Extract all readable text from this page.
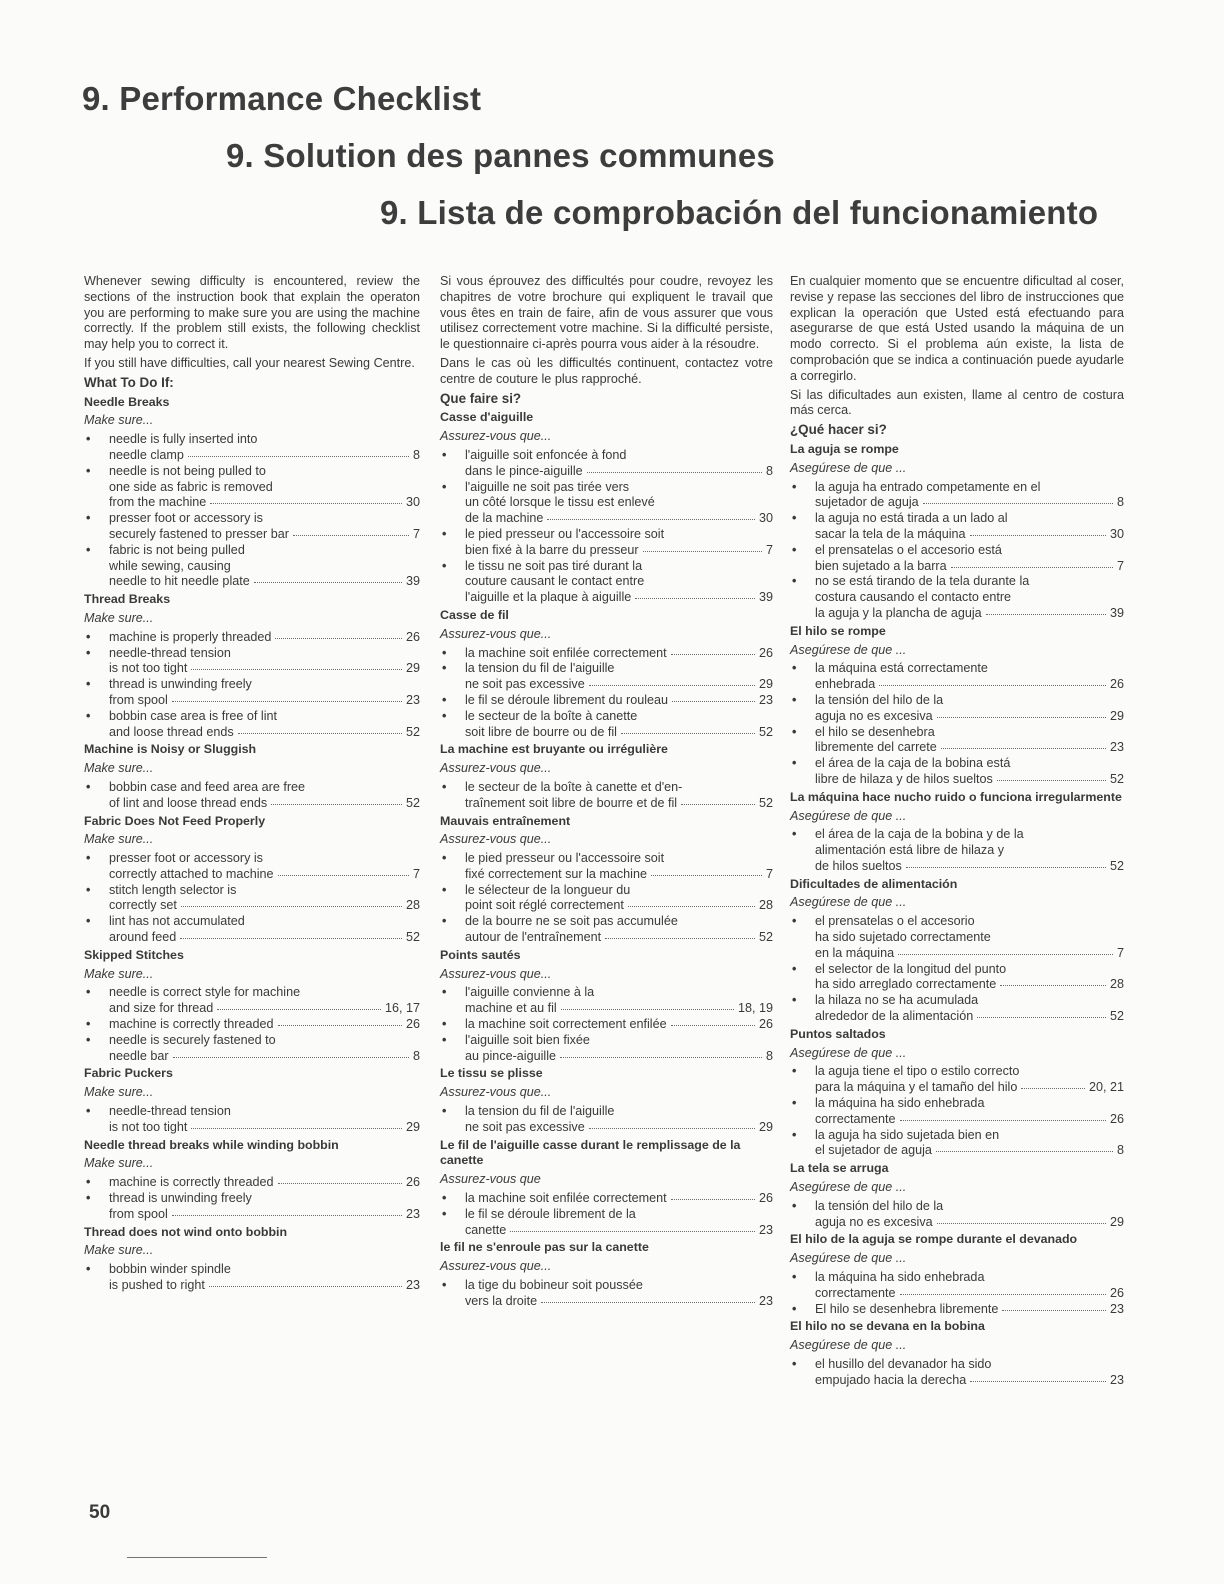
9. Performance Checklist
9. Solution des pannes communes
9. Lista de comprobación del funcionamiento

Whenever sewing difficulty is encountered, review the sections of the instruction book that explain the operaton you are performing to make sure you are using the machine correctly. If the problem still exists, the following checklist may help you to correct it.

If you still have difficulties, call your nearest Sewing Centre.

What To Do If:
Needle Breaks
Make sure...
• needle is fully inserted into
needle clamp	8
• needle is not being pulled to
one side as fabric is removed
from the machine	30
• presser foot or accessory is
securely fastened to presser bar	7
• fabric is not being pulled
while sewing, causing
needle to hit needle plate	39
Thread Breaks
Make sure...
• machine is properly threaded	26
• needle-thread tension
is not too tight	29
• thread is unwinding freely
from spool	23
• bobbin case area is free of lint
and loose thread ends	52
Machine is Noisy or Sluggish
Make sure...
• bobbin case and feed area are free
of lint and loose thread ends	52
Fabric Does Not Feed Properly
Make sure...
• presser foot or accessory is
correctly attached to machine	7
• stitch length selector is
correctly set	28
• lint has not accumulated
around feed	52
Skipped Stitches
Make sure...
• needle is correct style for machine
and size for thread	16, 17
• machine is correctly threaded	26
• needle is securely fastened to
needle bar	8
Fabric Puckers
Make sure...
• needle-thread tension
is not too tight	29
Needle thread breaks while winding bobbin
Make sure...
• machine is correctly threaded	26
• thread is unwinding freely
from spool	23
Thread does not wind onto bobbin
Make sure...
• bobbin winder spindle
is pushed to right	23

Si vous éprouvez des difficultés pour coudre, revoyez les chapitres de votre brochure qui expliquent le travail que vous êtes en train de faire, afin de vous assurer que vous utilisez correctement votre machine. Si la difficulté persiste, le questionnaire ci-après pourra vous aider à la résoudre.

Dans le cas où les difficultés continuent, contactez votre centre de couture le plus rapproché.

Que faire si?
Casse d'aiguille
Assurez-vous que...
• l'aiguille soit enfoncée à fond
dans le pince-aiguille	8
• l'aiguille ne soit pas tirée vers
un côté lorsque le tissu est enlevé
de la machine	30
• le pied presseur ou l'accessoire soit
bien fixé à la barre du presseur	7
• le tissu ne soit pas tiré durant la
couture causant le contact entre
l'aiguille et la plaque à aiguille	39
Casse de fil
Assurez-vous que...
• la machine soit enfilée correctement	26
• la tension du fil de l'aiguille
ne soit pas excessive	29
• le fil se déroule librement du rouleau	23
• le secteur de la boîte à canette
soit libre de bourre ou de fil	52
La machine est bruyante ou irrégulière
Assurez-vous que...
• le secteur de la boîte à canette et d'en-
traînement soit libre de bourre et de fil	52
Mauvais entraînement
Assurez-vous que...
• le pied presseur ou l'accessoire soit
fixé correctement sur la machine	7
• le sélecteur de la longueur du
point soit réglé correctement	28
• de la bourre ne se soit pas accumulée
autour de l'entraînement	52
Points sautés
Assurez-vous que...
• l'aiguille convienne à la
machine et au fil	18, 19
• la machine soit correctement enfilée	26
• l'aiguille soit bien fixée
au pince-aiguille	8
Le tissu se plisse
Assurez-vous que...
• la tension du fil de l'aiguille
ne soit pas excessive	29
Le fil de l'aiguille casse durant le remplissage de la canette
Assurez-vous que
• la machine soit enfilée correctement	26
• le fil se déroule librement de la
canette	23
le fil ne s'enroule pas sur la canette
Assurez-vous que...
• la tige du bobineur soit poussée
vers la droite	23

En cualquier momento que se encuentre dificultad al coser, revise y repase las secciones del libro de instrucciones que explican la operación que Usted está efectuando para asegurarse de que está Usted usando la máquina de un modo correcto. Si el problema aún existe, la lista de comprobación que se indica a continuación puede ayudarle a corregirlo.

Si las dificultades aun existen, llame al centro de costura más cerca.

¿Qué hacer si?
La aguja se rompe
Asegúrese de que ...
• la aguja ha entrado competamente en el
sujetador de aguja	8
• la aguja no está tirada a un lado al
sacar la tela de la máquina	30
• el prensatelas o el accesorio está
bien sujetado a la barra	7
• no se está tirando de la tela durante la
costura causando el contacto entre
la aguja y la plancha de aguja	39
El hilo se rompe
Asegúrese de que ...
• la máquina está correctamente
enhebrada	26
• la tensión del hilo de la
aguja no es excesiva	29
• el hilo se desenhebra
libremente del carrete	23
• el área de la caja de la bobina está
libre de hilaza y de hilos sueltos	52
La máquina hace nucho ruido o funciona irregularmente
Asegúrese de que ...
• el área de la caja de la bobina y de la
alimentación está libre de hilaza y
de hilos sueltos	52
Dificultades de alimentación
Asegúrese de que ...
• el prensatelas o el accesorio
ha sido sujetado correctamente
en la máquina	7
• el selector de la longitud del punto
ha sido arreglado correctamente	28
• la hilaza no se ha acumulada
alrededor de la alimentación	52
Puntos saltados
Asegúrese de que ...
• la aguja tiene el tipo o estilo correcto
para la máquina y el tamaño del hilo	20, 21
• la máquina ha sido enhebrada
correctamente	26
• la aguja ha sido sujetada bien en
el sujetador de aguja	8
La tela se arruga
Asegúrese de que ...
• la tensión del hilo de la
aguja no es excesiva	29
El hilo de la aguja se rompe durante el devanado
Asegúrese de que ...
• la máquina ha sido enhebrada
correctamente	26
• El hilo se desenhebra libremente	23
El hilo no se devana en la bobina
Asegúrese de que ...
• el husillo del devanador ha sido
empujado hacia la derecha	23
50
